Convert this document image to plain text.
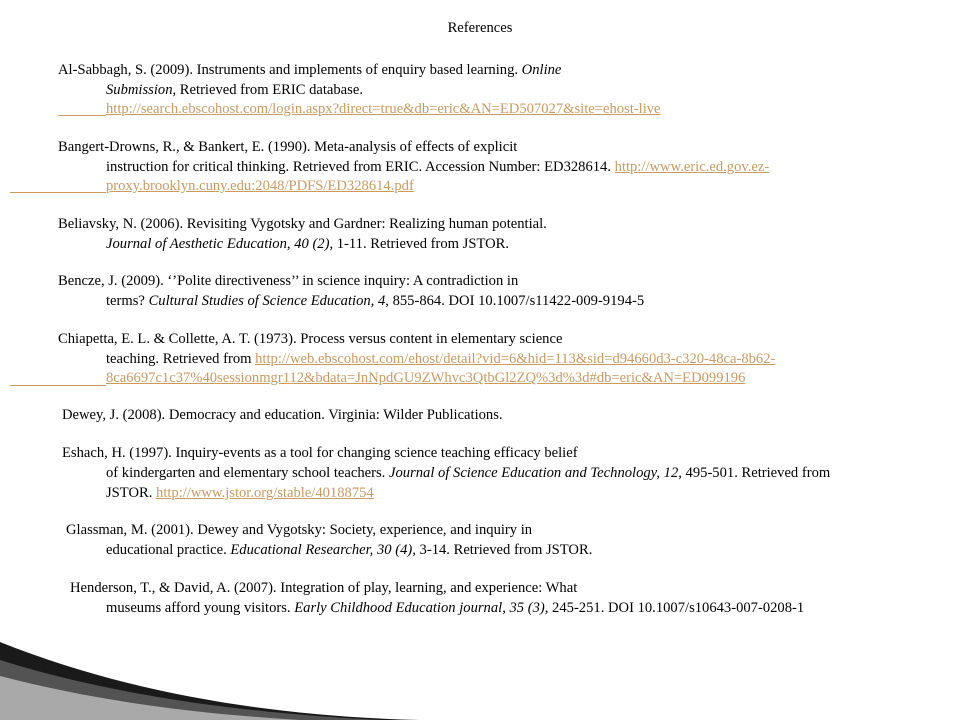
References
Al-Sabbagh, S. (2009). Instruments and implements of enquiry based learning. Online
Submission, Retrieved from ERIC database.
http://search.ebscohost.com/login.aspx?direct=true&db=eric&AN=ED507027&site=ehost-live
Bangert-Drowns, R., & Bankert, E. (1990). Meta-analysis of effects of explicit
instruction for critical thinking. Retrieved from ERIC. Accession Number: ED328614. http://www.eric.ed.gov.ez-
proxy.brooklyn.cuny.edu:2048/PDFS/ED328614.pdf
Beliavsky, N. (2006). Revisiting Vygotsky and Gardner: Realizing human potential.
Journal of Aesthetic Education, 40 (2), 1-11. Retrieved from JSTOR.
Bencze, J. (2009). ‘’Polite directiveness’’ in science inquiry: A contradiction in
terms? Cultural Studies of Science Education, 4, 855-864. DOI 10.1007/s11422-009-9194-5
Chiapetta, E. L. & Collette, A. T. (1973). Process versus content in elementary science
teaching. Retrieved from http://web.ebscohost.com/ehost/detail?vid=6&hid=113&sid=d94660d3-c320-48ca-8b62-
8ca6697c1c37%40sessionmgr112&bdata=JnNpdGU9ZWhvc3QtbGl2ZQ%3d%3d#db=eric&AN=ED099196
Dewey, J. (2008). Democracy and education. Virginia: Wilder Publications.
Eshach, H. (1997). Inquiry-events as a tool for changing science teaching efficacy belief
of kindergarten and elementary school teachers. Journal of Science Education and Technology, 12, 495-501. Retrieved from
JSTOR. http://www.jstor.org/stable/40188754
Glassman, M. (2001). Dewey and Vygotsky: Society, experience, and inquiry in
educational practice. Educational Researcher, 30 (4), 3-14. Retrieved from JSTOR.
Henderson, T., & David, A. (2007). Integration of play, learning, and experience: What
museums afford young visitors. Early Childhood Education journal, 35 (3), 245-251. DOI 10.1007/s10643-007-0208-1
